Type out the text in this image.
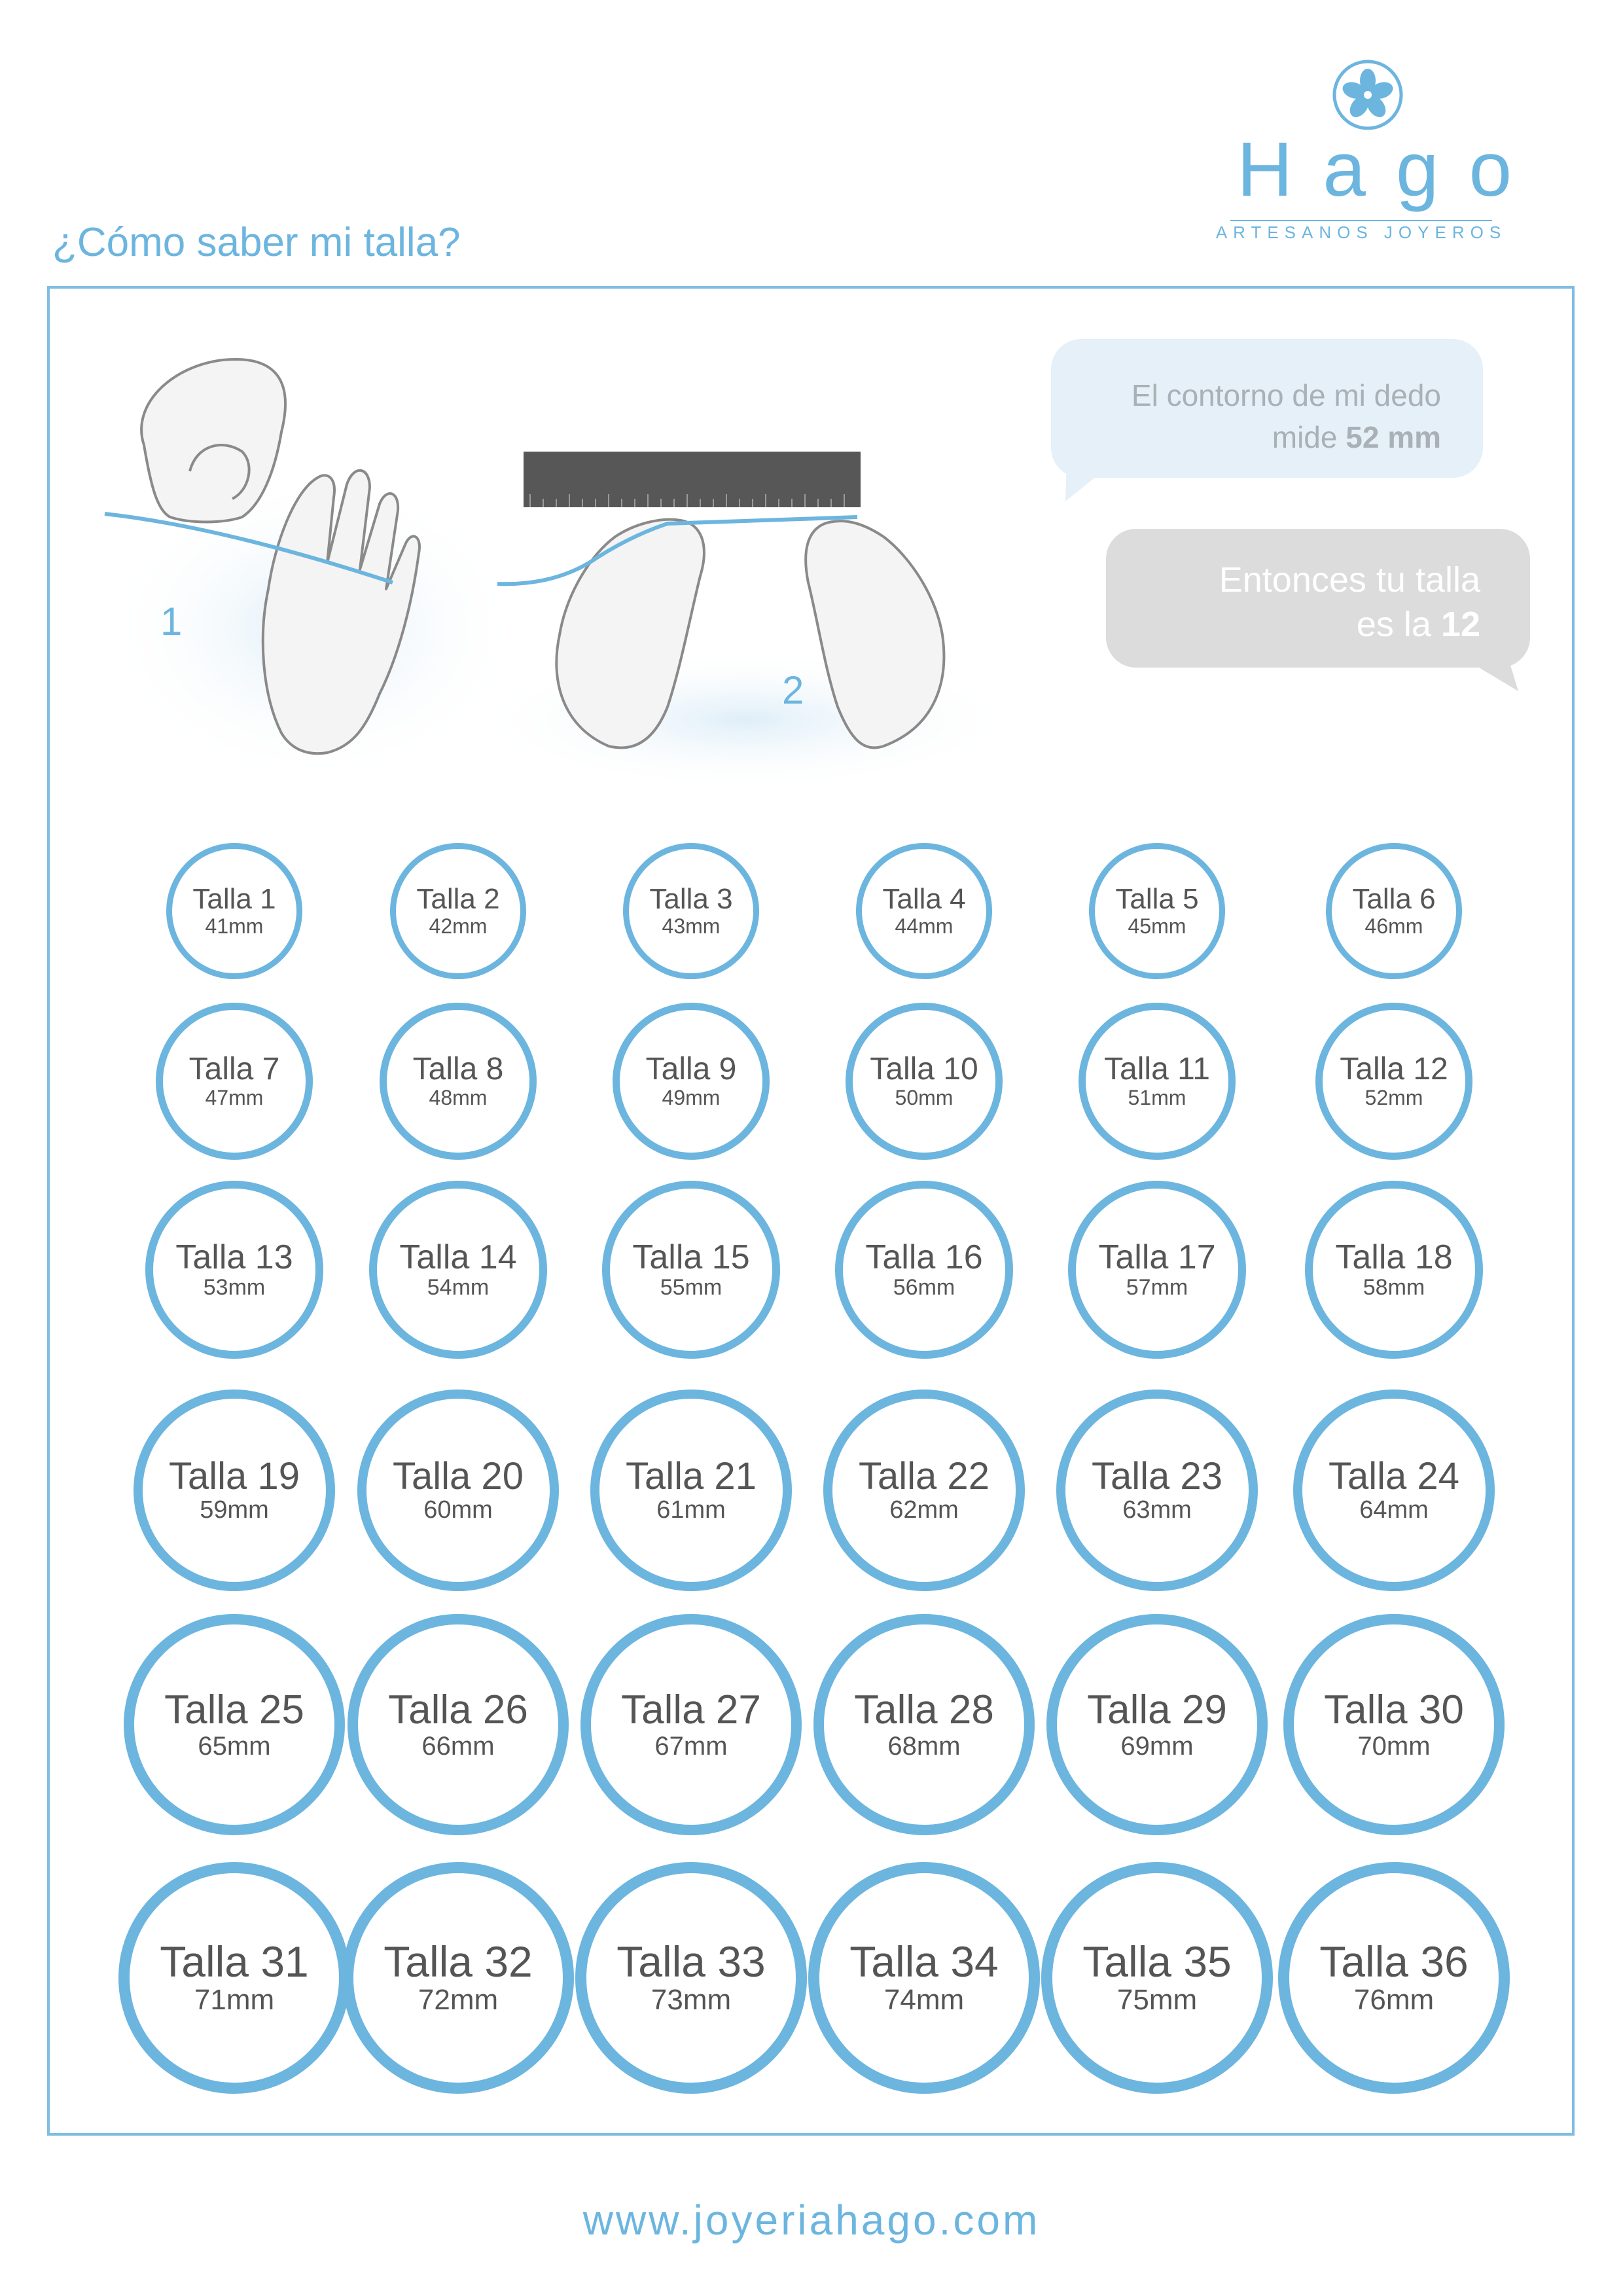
Hago
ARTESANOS JOYEROS
¿Cómo saber mi talla?
1
2
El contorno de mi dedo
mide 52 mm
Entonces tu talla
es la 12
Talla 1
41mm
Talla 2
42mm
Talla 3
43mm
Talla 4
44mm
Talla 5
45mm
Talla 6
46mm
Talla 7
47mm
Talla 8
48mm
Talla 9
49mm
Talla 10
50mm
Talla 11
51mm
Talla 12
52mm
Talla 13
53mm
Talla 14
54mm
Talla 15
55mm
Talla 16
56mm
Talla 17
57mm
Talla 18
58mm
Talla 19
59mm
Talla 20
60mm
Talla 21
61mm
Talla 22
62mm
Talla 23
63mm
Talla 24
64mm
Talla 25
65mm
Talla 26
66mm
Talla 27
67mm
Talla 28
68mm
Talla 29
69mm
Talla 30
70mm
Talla 31
71mm
Talla 32
72mm
Talla 33
73mm
Talla 34
74mm
Talla 35
75mm
Talla 36
76mm
www.joyeriahago.com
